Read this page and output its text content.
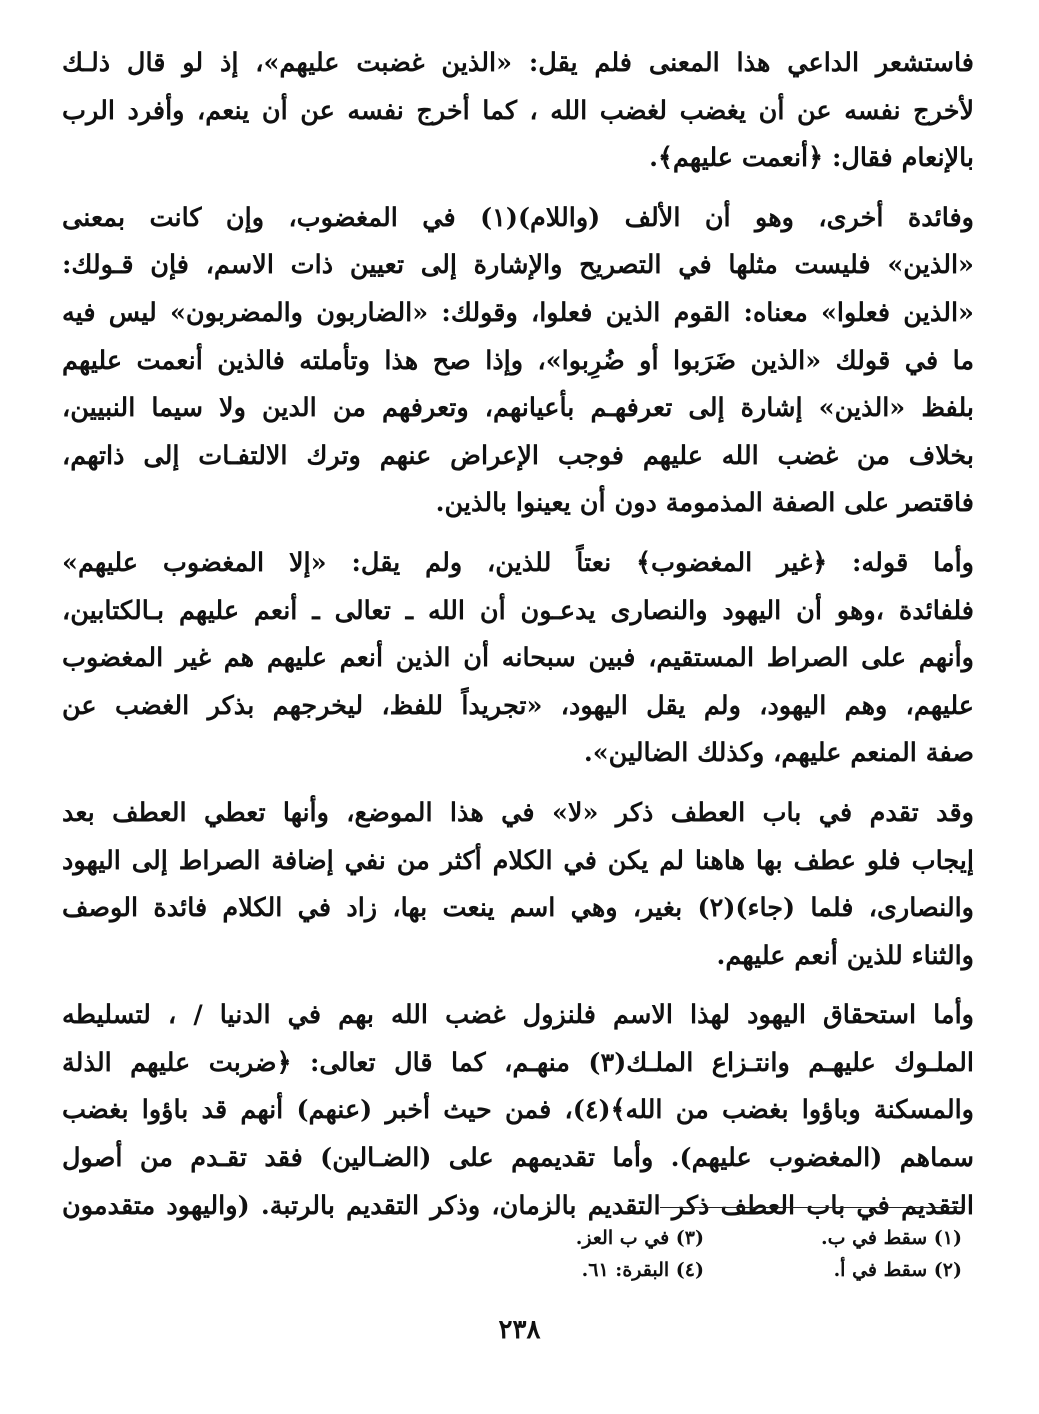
فاستشعر الداعي هذا المعنى فلم يقل: «الذين غضبت عليهم»، إذ لو قال ذلـك
لأخرج نفسه عن أن يغضب لغضب الله ، كما أخرج نفسه عن أن ينعم، وأفرد الرب
بالإنعام فقال: ﴿أنعمت عليهم﴾.

وفائدة أخرى، وهو أن الألف (واللام)(١) في المغضوب، وإن كانت بمعنى
«الذين» فليست مثلها في التصريح والإشارة إلى تعيين ذات الاسم، فإن قـولك:
«الذين فعلوا» معناه: القوم الذين فعلوا، وقولك: «الضاربون والمضربون» ليس فيه
ما في قولك «الذين ضَرَبوا أو ضُرِبوا»، وإذا صح هذا وتأملته فالذين أنعمت عليهم
بلفظ «الذين» إشارة إلى تعرفهـم بأعيانهم، وتعرفهم من الدين ولا سيما النبيين،
بخلاف من غضب الله عليهم فوجب الإعراض عنهم وترك الالتفـات إلى ذاتهم،
فاقتصر على الصفة المذمومة دون أن يعينوا بالذين.

وأما قوله: ﴿غير المغضوب﴾ نعتاً للذين، ولم يقل: «إلا المغضوب عليهم»
فلفائدة ،وهو أن اليهود والنصارى يدعـون أن الله ـ تعالى ـ أنعم عليهم بـالكتابين،
وأنهم على الصراط المستقيم، فبين سبحانه أن الذين أنعم عليهم هم غير المغضوب
عليهم، وهم اليهود، ولم يقل اليهود، «تجريداً للفظ، ليخرجهم بذكر الغضب عن
صفة المنعم عليهم، وكذلك الضالين».

وقد تقدم في باب العطف ذكر «لا» في هذا الموضع، وأنها تعطي العطف بعد
إيجاب فلو عطف بها هاهنا لم يكن في الكلام أكثر من نفي إضافة الصراط إلى اليهود
والنصارى، فلما (جاء)(٢) بغير، وهي اسم ينعت بها، زاد في الكلام فائدة الوصف
والثناء للذين أنعم عليهم.

وأما استحقاق اليهود لهذا الاسم فلنزول غضب الله بهم في الدنيا / ، لتسليطه
الملـوك عليهـم وانتـزاع الملـك(٣) منهـم، كما قال تعالى: ﴿ضربت عليهم الذلة
والمسكنة وباؤوا بغضب من الله﴾(٤)، فمن حيث أخبر (عنهم) أنهم قد باؤوا بغضب
سماهم (المغضوب عليهم). وأما تقديمهم على (الضـالين) فقد تقـدم من أصول
التقديم في باب العطف ذكر التقديم بالزمان، وذكر التقديم بالرتبة. (واليهود متقدمون

(١) سقط في ب.
(٢) سقط في أ.
(٣) في ب العز.
(٤) البقرة: ٦١.
٢٣٨
